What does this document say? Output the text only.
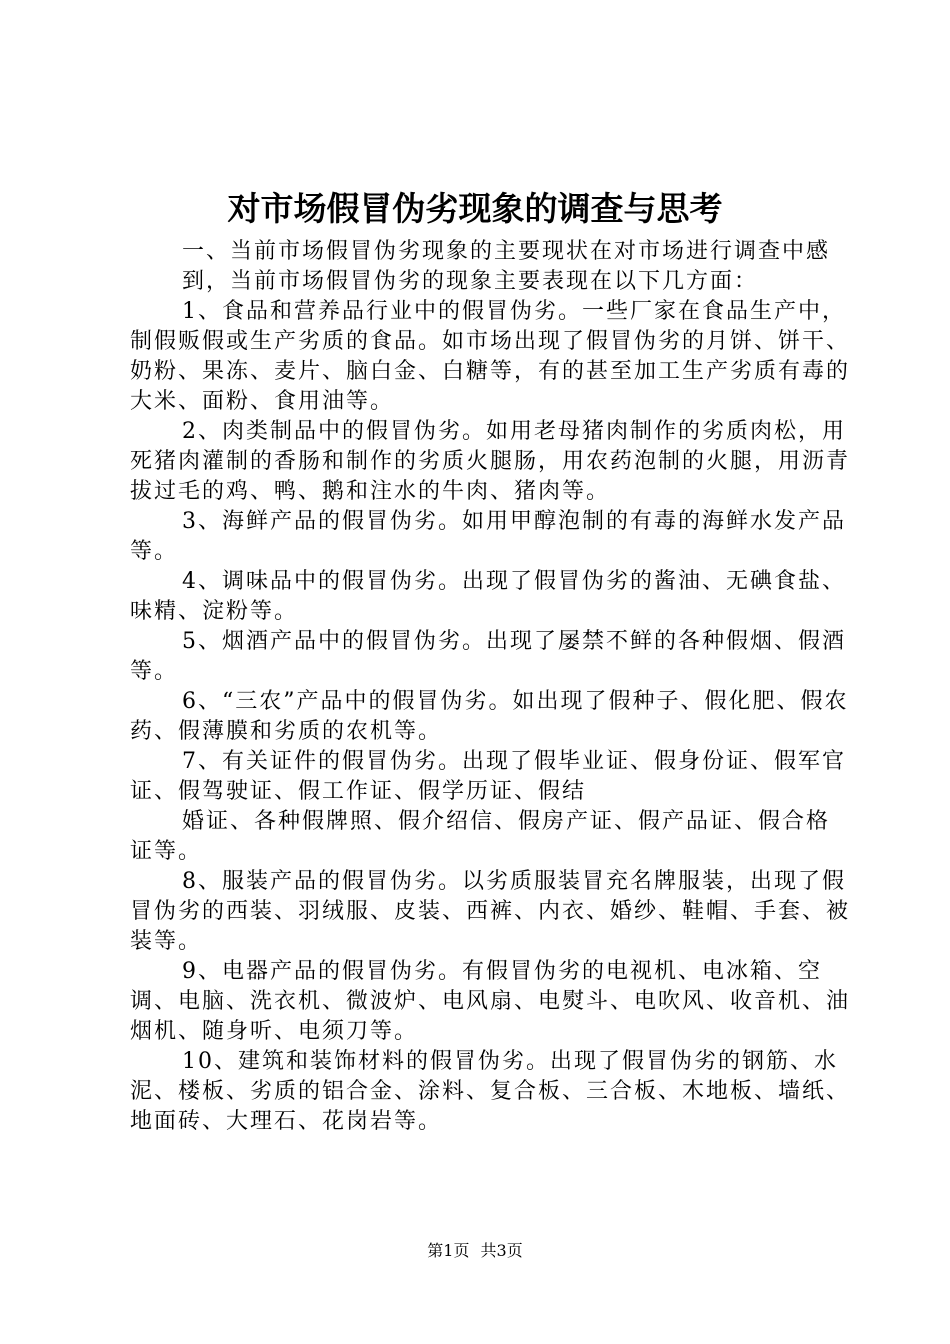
对市场假冒伪劣现象的调查与思考

一、当前市场假冒伪劣现象的主要现状在对市场进行调查中感

到，当前市场假冒伪劣的现象主要表现在以下几方面：

1、食品和营养品行业中的假冒伪劣。一些厂家在食品生产中，制假贩假或生产劣质的食品。如市场出现了假冒伪劣的月饼、饼干、奶粉、果冻、麦片、脑白金、白糖等，有的甚至加工生产劣质有毒的大米、面粉、食用油等。

2、肉类制品中的假冒伪劣。如用老母猪肉制作的劣质肉松，用死猪肉灌制的香肠和制作的劣质火腿肠，用农药泡制的火腿，用沥青拔过毛的鸡、鸭、鹅和注水的牛肉、猪肉等。

3、海鲜产品的假冒伪劣。如用甲醇泡制的有毒的海鲜水发产品等。

4、调味品中的假冒伪劣。出现了假冒伪劣的酱油、无碘食盐、味精、淀粉等。

5、烟酒产品中的假冒伪劣。出现了屡禁不鲜的各种假烟、假酒等。

6、“三农”产品中的假冒伪劣。如出现了假种子、假化肥、假农药、假薄膜和劣质的农机等。

7、有关证件的假冒伪劣。出现了假毕业证、假身份证、假军官证、假驾驶证、假工作证、假学历证、假结

婚证、各种假牌照、假介绍信、假房产证、假产品证、假合格证等。

8、服装产品的假冒伪劣。以劣质服装冒充名牌服装，出现了假冒伪劣的西装、羽绒服、皮装、西裤、内衣、婚纱、鞋帽、手套、被装等。

9、电器产品的假冒伪劣。有假冒伪劣的电视机、电冰箱、空调、电脑、洗衣机、微波炉、电风扇、电熨斗、电吹风、收音机、油烟机、随身听、电须刀等。

10、建筑和装饰材料的假冒伪劣。出现了假冒伪劣的钢筋、水泥、楼板、劣质的铝合金、涂料、复合板、三合板、木地板、墙纸、地面砖、大理石、花岗岩等。

第1页 共3页
